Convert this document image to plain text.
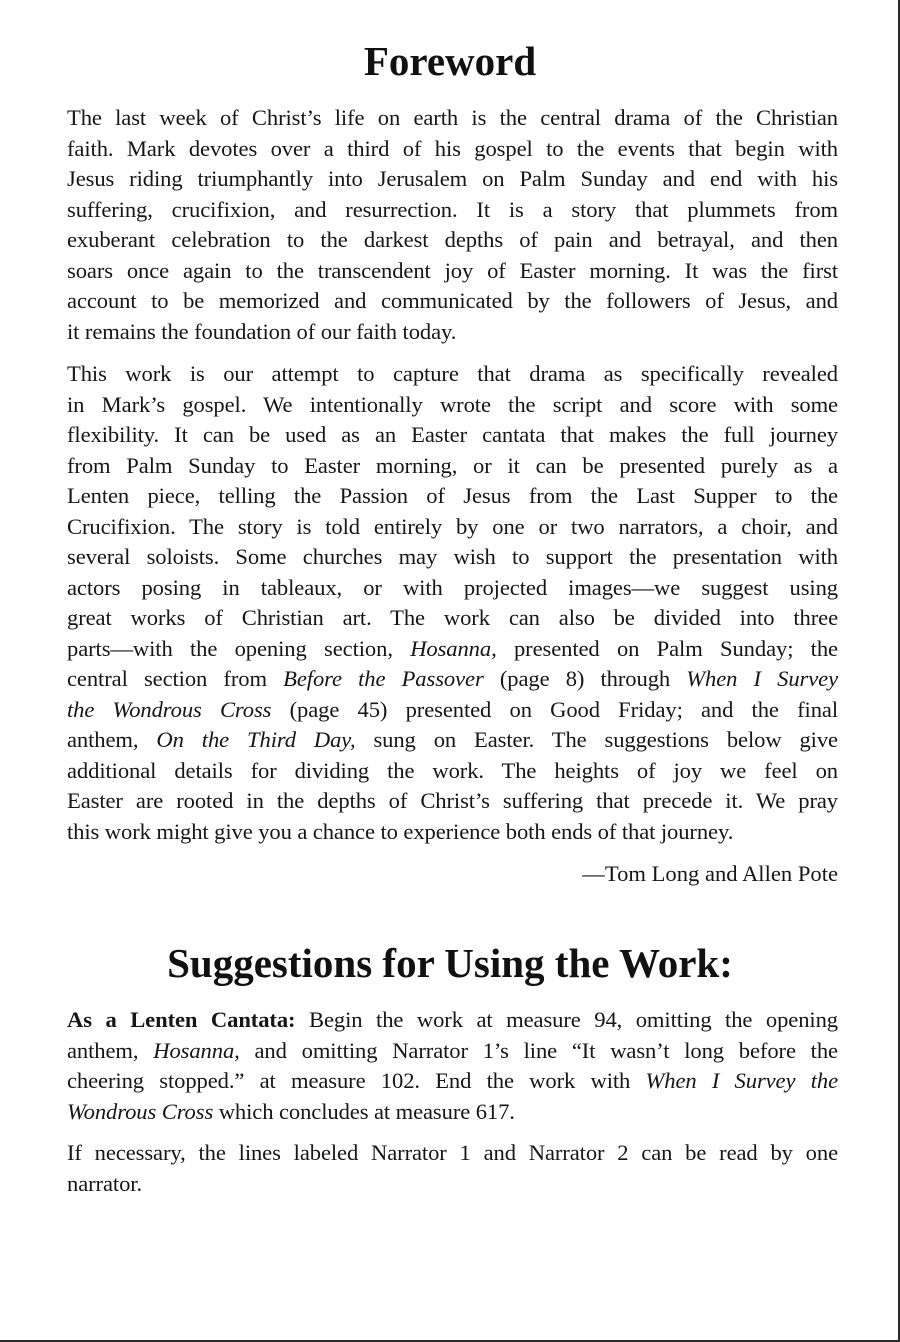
Foreword

The last week of Christ’s life on earth is the central drama of the Christian
faith. Mark devotes over a third of his gospel to the events that begin with
Jesus riding triumphantly into Jerusalem on Palm Sunday and end with his
suffering, crucifixion, and resurrection. It is a story that plummets from
exuberant celebration to the darkest depths of pain and betrayal, and then
soars once again to the transcendent joy of Easter morning. It was the first
account to be memorized and communicated by the followers of Jesus, and
it remains the foundation of our faith today.

This work is our attempt to capture that drama as specifically revealed
in Mark’s gospel. We intentionally wrote the script and score with some
flexibility. It can be used as an Easter cantata that makes the full journey
from Palm Sunday to Easter morning, or it can be presented purely as a
Lenten piece, telling the Passion of Jesus from the Last Supper to the
Crucifixion. The story is told entirely by one or two narrators, a choir, and
several soloists. Some churches may wish to support the presentation with
actors posing in tableaux, or with projected images—we suggest using
great works of Christian art. The work can also be divided into three
parts—with the opening section, Hosanna, presented on Palm Sunday; the
central section from Before the Passover (page 8) through When I Survey
the Wondrous Cross (page 45) presented on Good Friday; and the final
anthem, On the Third Day, sung on Easter. The suggestions below give
additional details for dividing the work. The heights of joy we feel on
Easter are rooted in the depths of Christ’s suffering that precede it. We pray
this work might give you a chance to experience both ends of that journey.

—Tom Long and Allen Pote

Suggestions for Using the Work:

As a Lenten Cantata: Begin the work at measure 94, omitting the opening
anthem, Hosanna, and omitting Narrator 1’s line “It wasn’t long before the
cheering stopped.” at measure 102. End the work with When I Survey the
Wondrous Cross which concludes at measure 617.

If necessary, the lines labeled Narrator 1 and Narrator 2 can be read by one
narrator.
